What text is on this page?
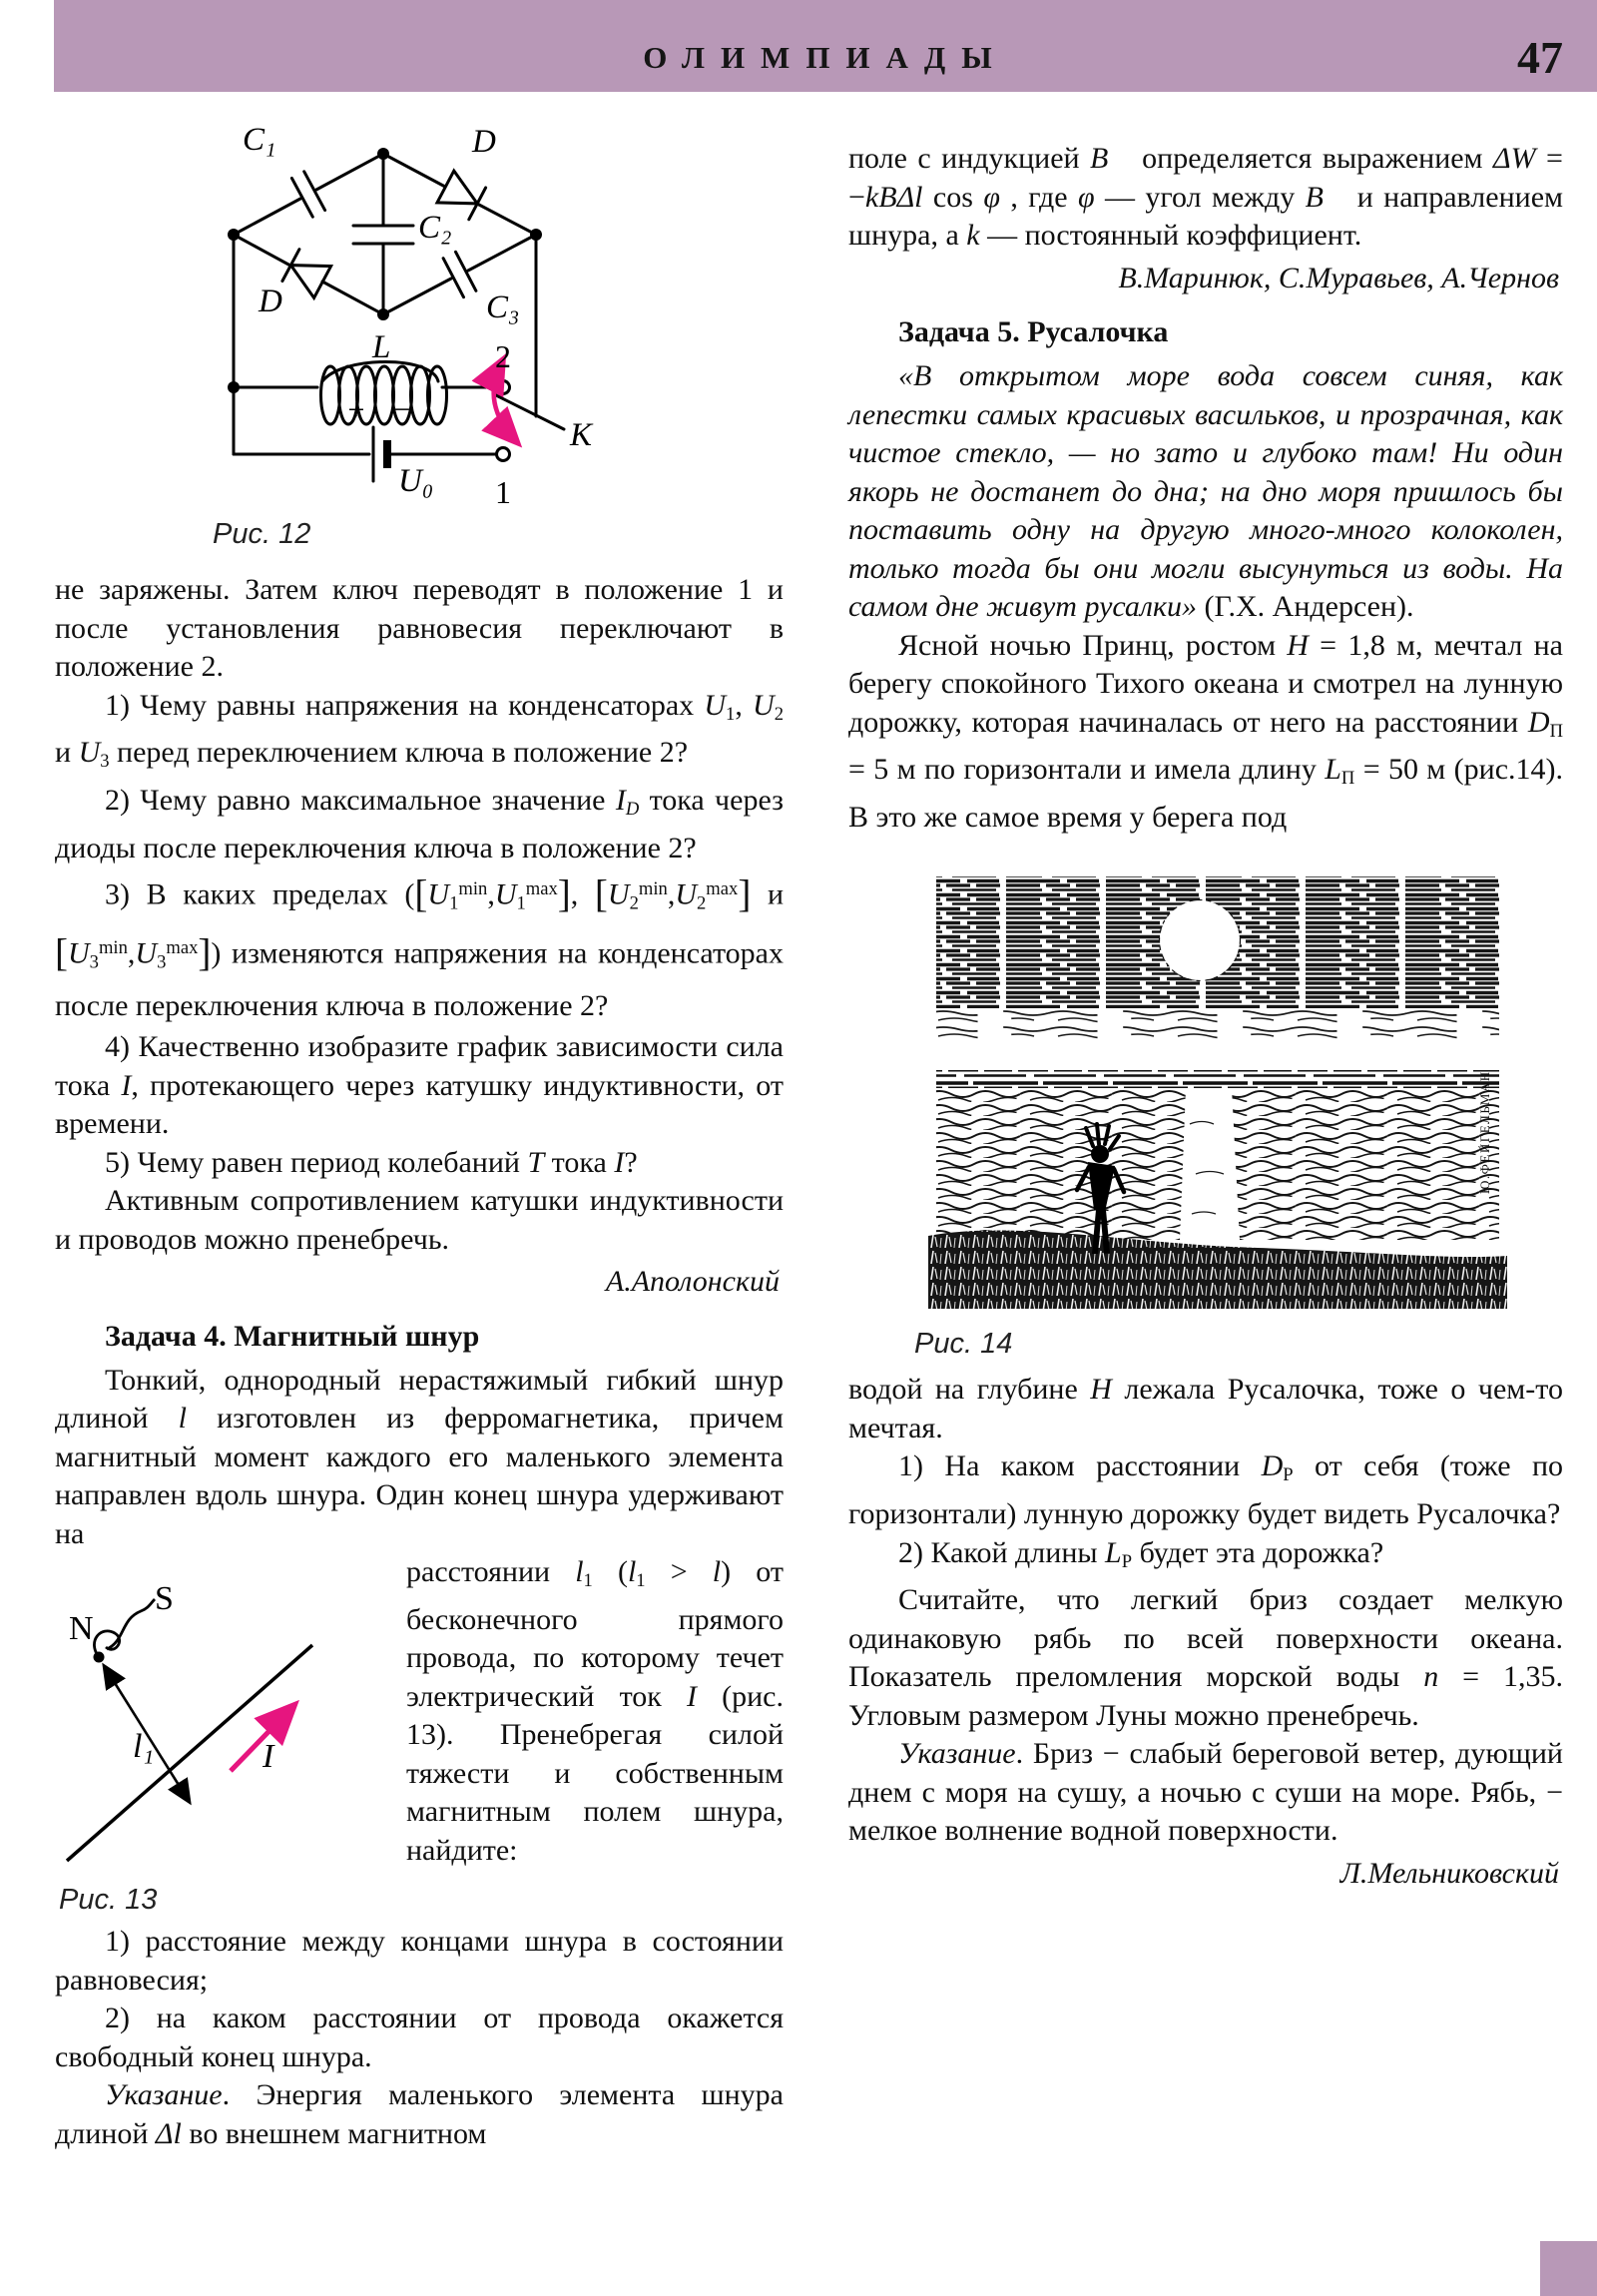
ОЛИМПИАДЫ	47
C₁	D
C₂
D	C₃
L	2
K
+ −
U₀ 1
Рис. 12

не заряжены. Затем ключ переводят в положение 1 и после установления равновесия переключают в положение 2.

1) Чему равны напряжения на конденсаторах U1, U2 и U3 перед переключением ключа в положение 2?

2) Чему равно максимальное значение ID тока через диоды после переключения ключа в положение 2?

3) В каких пределах ($[U1^{min},U1^{max}]$, $[U2^{min},U2^{max}]$ и $[U3^{min},U3^{max}]$) изменяются напряжения на конденсаторах после переключения ключа в положение 2?

4) Качественно изобразите график зависимости сила тока I, протекающего через катушку индуктивности, от времени.

5) Чему равен период колебаний T тока I?

Активным сопротивлением катушки индуктивности и проводов можно пренебречь.

А.Аполонский

Задача 4. Магнитный шнур

Тонкий, однородный нерастяжимый гибкий шнур длиной l изготовлен из ферромагнетика, причем магнитный момент каждого его маленького элемента направлен вдоль шнура. Один конец шнура удерживают на

N
S
l₁	I
Рис. 13

расстоянии l1 (l1 > l) от бесконечного прямого провода, по которому течет электрический ток I (рис. 13). Пренебрегая силой тяжести и собственным магнитным полем шнура, найдите:

1) расстояние между концами шнура в состоянии равновесия;

2) на каком расстоянии от провода окажется свободный конец шнура.

Указание. Энергия маленького элемента шнура длиной Δl во внешнем магнитном

поле с индукцией B⃗ определяется выражением ΔW = −kBΔl cos φ , где φ — угол между B⃗ и направлением шнура, а k — постоянный коэффициент.

В.Маринюк, С.Муравьев, А.Чернов

Задача 5. Русалочка

«В открытом море вода совсем синяя, как лепестки самых красивых васильков, и прозрачная, как чистое стекло, — но зато и глубоко там! Ни один якорь не достанет до дна; на дно моря пришлось бы поставить одну на другую много-много колоколен, только тогда бы они могли высунуться из воды. На самом дне живут русалки» (Г.Х. Андерсен).

Ясной ночью Принц, ростом H = 1,8 м, мечтал на берегу спокойного Тихого океана и смотрел на лунную дорожку, которая начиналась от него на расстоянии DП = 5 м по горизонтали и имела длину LП = 50 м (рис.14). В это же самое время у берега под

Ю.ФЕЙГЕЛЬМАН
Рис. 14

водой на глубине H лежала Русалочка, тоже о чем-то мечтая.

1) На каком расстоянии DР от себя (тоже по горизонтали) лунную дорожку будет видеть Русалочка?

2) Какой длины LР будет эта дорожка?

Считайте, что легкий бриз создает мелкую одинаковую рябь по всей поверхности океана. Показатель преломления морской воды n = 1,35. Угловым размером Луны можно пренебречь.

Указание. Бриз − слабый береговой ветер, дующий днем с моря на сушу, а ночью с суши на море. Рябь, − мелкое волнение водной поверхности.

Л.Мельниковский
